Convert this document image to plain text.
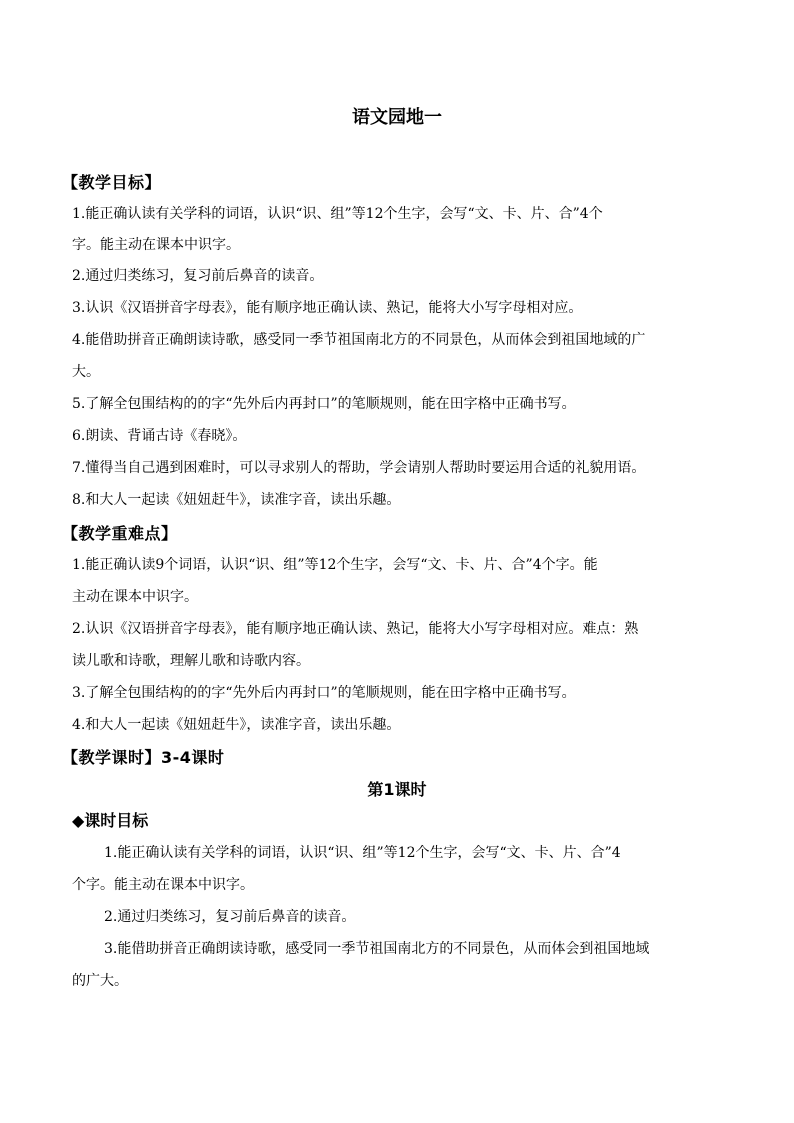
语文园地一
【教学目标】
1.能正确认读有关学科的词语，认识“识、组”等12个生字，会写“文、卡、片、合”4个
字。能主动在课本中识字。
2.通过归类练习，复习前后鼻音的读音。
3.认识《汉语拼音字母表》，能有顺序地正确认读、熟记，能将大小写字母相对应。
4.能借助拼音正确朗读诗歌，感受同一季节祖国南北方的不同景色，从而体会到祖国地域的广
大。
5.了解全包围结构的的字“先外后内再封口”的笔顺规则，能在田字格中正确书写。
6.朗读、背诵古诗《春晓》。
7.懂得当自己遇到困难时，可以寻求别人的帮助，学会请别人帮助时要运用合适的礼貌用语。
8.和大人一起读《妞妞赶牛》，读准字音，读出乐趣。
【教学重难点】
1.能正确认读9个词语，认识“识、组”等12个生字，会写“文、卡、片、合”4个字。能
主动在课本中识字。
2.认识《汉语拼音字母表》，能有顺序地正确认读、熟记，能将大小写字母相对应。难点：熟
读儿歌和诗歌，理解儿歌和诗歌内容。
3.了解全包围结构的的字“先外后内再封口”的笔顺规则，能在田字格中正确书写。
4.和大人一起读《妞妞赶牛》，读准字音，读出乐趣。
【教学课时】3-4课时
第1课时
◆课时目标
1.能正确认读有关学科的词语，认识“识、组”等12个生字，会写“文、卡、片、合”4
个字。能主动在课本中识字。
2.通过归类练习，复习前后鼻音的读音。
3.能借助拼音正确朗读诗歌，感受同一季节祖国南北方的不同景色，从而体会到祖国地域
的广大。
